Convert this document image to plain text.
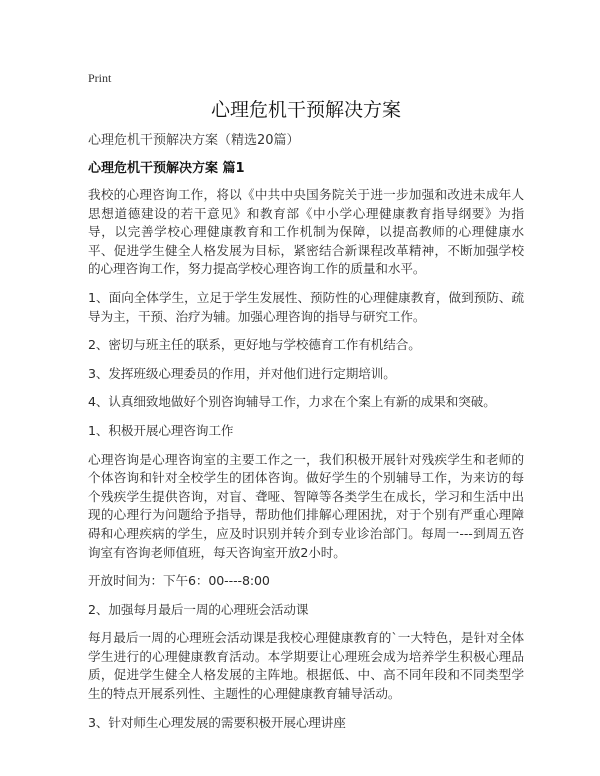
Print
心理危机干预解决方案
心理危机干预解决方案（精选20篇）
心理危机干预解决方案 篇1

我校的心理咨询工作，将以《中共中央国务院关于进一步加强和改进未成年人思想道德建设的若干意见》和教育部《中小学心理健康教育指导纲要》为指导，以完善学校心理健康教育和工作机制为保障，以提高教师的心理健康水平、促进学生健全人格发展为目标，紧密结合新课程改革精神，不断加强学校的心理咨询工作，努力提高学校心理咨询工作的质量和水平。

1、面向全体学生，立足于学生发展性、预防性的心理健康教育，做到预防、疏导为主，干预、治疗为辅。加强心理咨询的指导与研究工作。

2、密切与班主任的联系，更好地与学校德育工作有机结合。

3、发挥班级心理委员的作用，并对他们进行定期培训。

4、认真细致地做好个别咨询辅导工作，力求在个案上有新的成果和突破。

1、积极开展心理咨询工作

心理咨询是心理咨询室的主要工作之一，我们积极开展针对残疾学生和老师的个体咨询和针对全校学生的团体咨询。做好学生的个别辅导工作，为来访的每个残疾学生提供咨询，对盲、聋哑、智障等各类学生在成长，学习和生活中出现的心理行为问题给予指导，帮助他们排解心理困扰，对于个别有严重心理障碍和心理疾病的学生，应及时识别并转介到专业诊治部门。每周一---到周五咨询室有咨询老师值班，每天咨询室开放2小时。

开放时间为：下午6：00----8:00

2、加强每月最后一周的心理班会活动课

每月最后一周的心理班会活动课是我校心理健康教育的`一大特色，是针对全体学生进行的心理健康教育活动。本学期要让心理班会成为培养学生积极心理品质，促进学生健全人格发展的主阵地。根据低、中、高不同年段和不同类型学生的特点开展系列性、主题性的心理健康教育辅导活动。

3、针对师生心理发展的需要积极开展心理讲座
